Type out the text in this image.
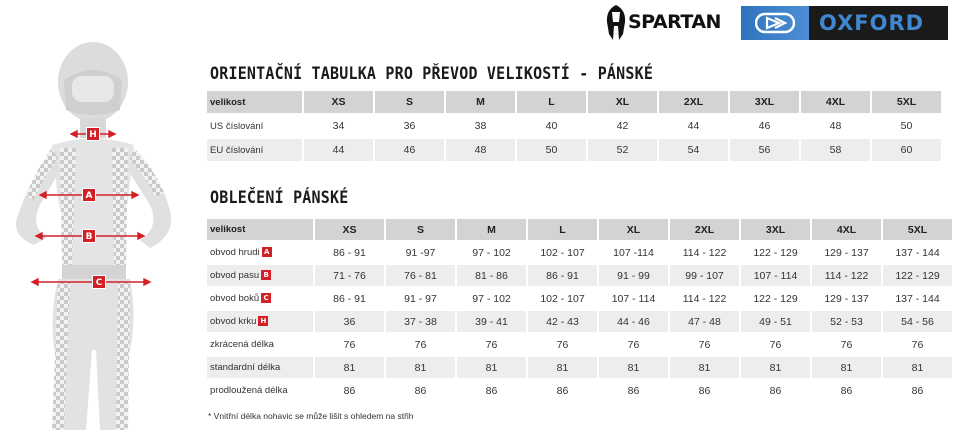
H
A
B
C
SPARTAN	OXFORD
ORIENTAČNÍ TABULKA PRO PŘEVOD VELIKOSTÍ - PÁNSKÉ
velikost	XS	S	M	L	XL	2XL	3XL	4XL	5XL
US číslování	34	36	38	40	42	44	46	48	50
EU číslování	44	46	48	50	52	54	56	58	60
OBLEČENÍ PÁNSKÉ
velikost	XS	S	M	L	XL	2XL	3XL	4XL	5XL
obvod hrudi A	86 - 91	91 -97	97 - 102	102 - 107	107 -114	114 - 122	122 - 129	129 - 137	137 - 144
obvod pasu B	71 - 76	76 - 81	81 - 86	86 - 91	91 - 99	99 - 107	107 - 114	114 - 122	122 - 129
obvod boků C	86 - 91	91 - 97	97 - 102	102 - 107	107 - 114	114 - 122	122 - 129	129 - 137	137 - 144
obvod krku H	36	37 - 38	39 - 41	42 - 43	44 - 46	47 - 48	49 - 51	52 - 53	54 - 56
zkrácená délka	76	76	76	76	76	76	76	76	76
standardní délka	81	81	81	81	81	81	81	81	81
prodloužená délka	86	86	86	86	86	86	86	86	86
* Vnitřní délka nohavic se může lišit s ohledem na střih
